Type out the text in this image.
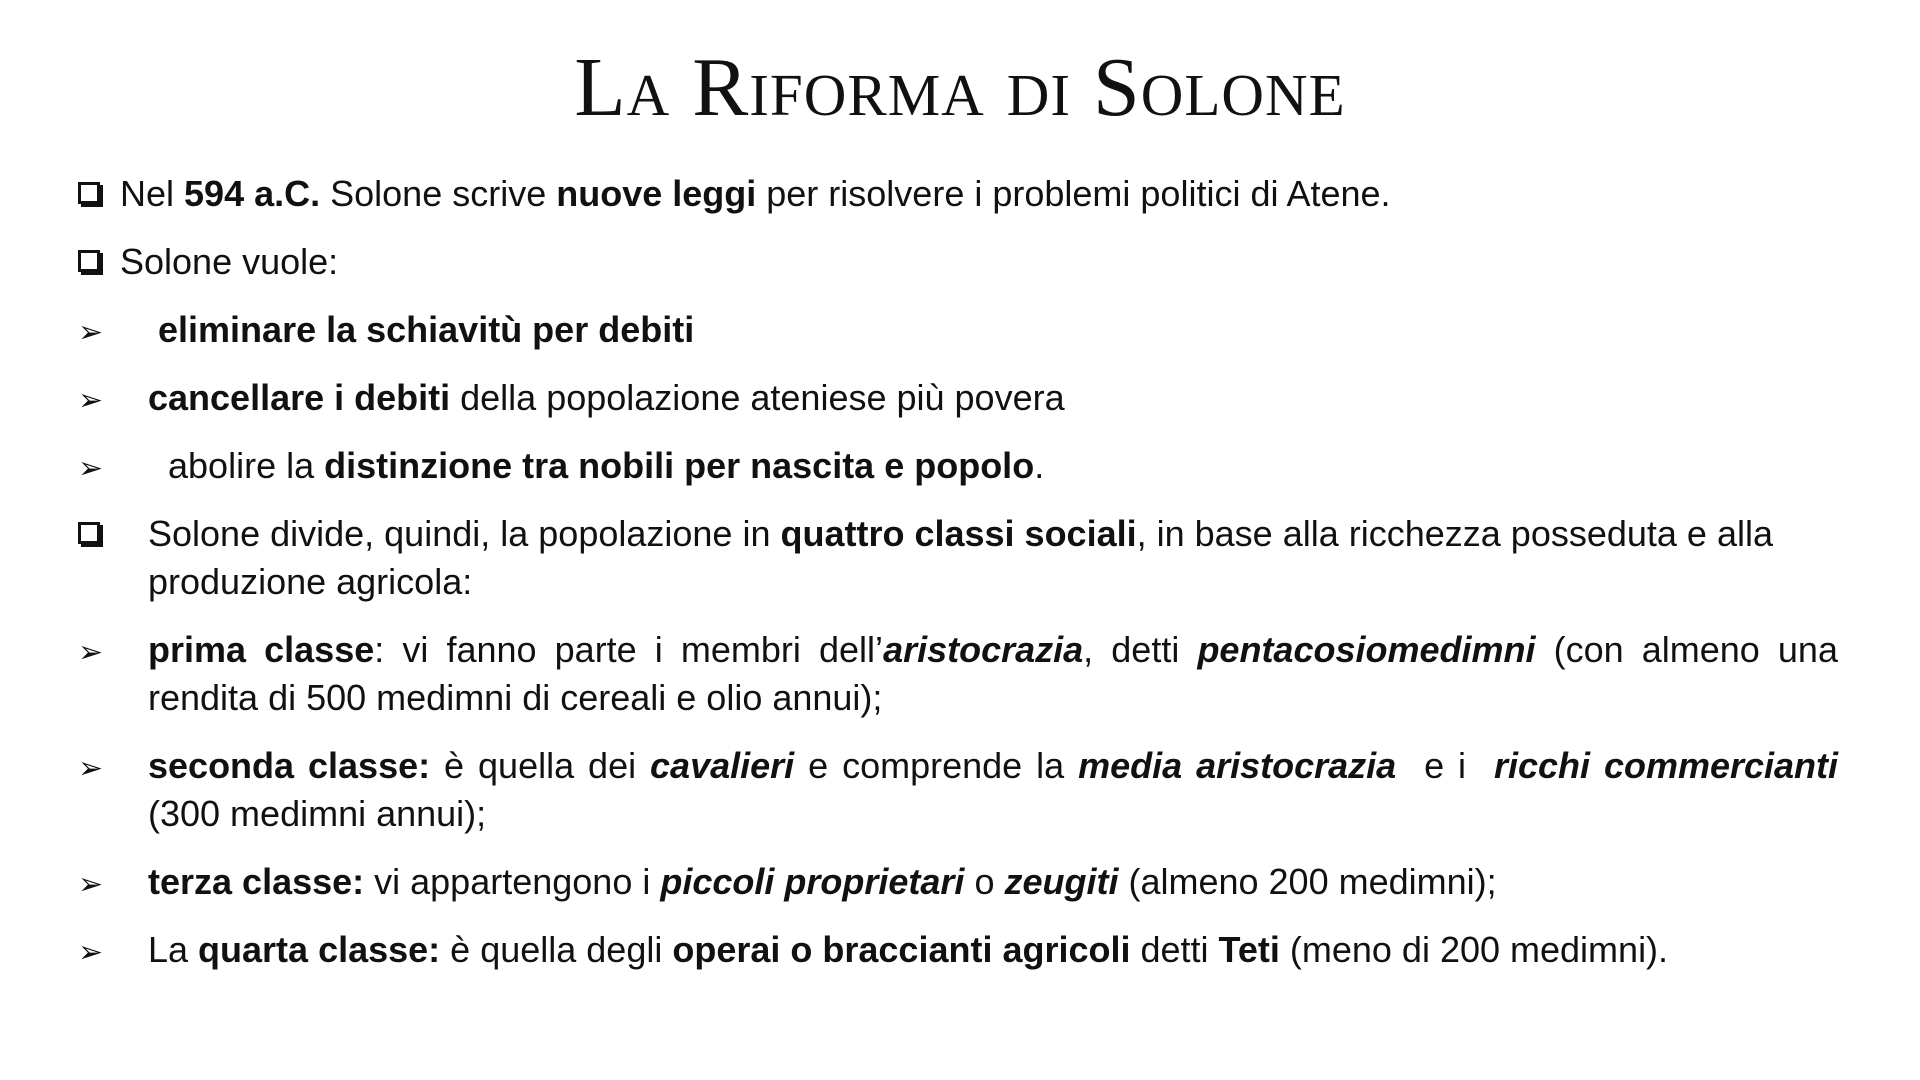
La Riforma di Solone
Nel 594 a.C. Solone scrive nuove leggi per risolvere i problemi politici di Atene.
Solone vuole:
➢	eliminare la schiavitù per debiti
➢	cancellare i debiti della popolazione ateniese più povera
➢	abolire la distinzione tra nobili per nascita e popolo.
Solone divide, quindi, la popolazione in quattro classi sociali, in base alla ricchezza posseduta e alla produzione agricola:
➢	prima classe: vi fanno parte i membri dell’aristocrazia, detti pentacosiomedimni (con almeno una rendita di 500 medimni di cereali e olio annui);
➢	seconda classe: è quella dei cavalieri e comprende la media aristocrazia  e i  ricchi commercianti (300 medimni annui);
➢	terza classe: vi appartengono i piccoli proprietari o zeugiti (almeno 200 medimni);
➢	La quarta classe: è quella degli operai o braccianti agricoli detti Teti (meno di 200 medimni).
